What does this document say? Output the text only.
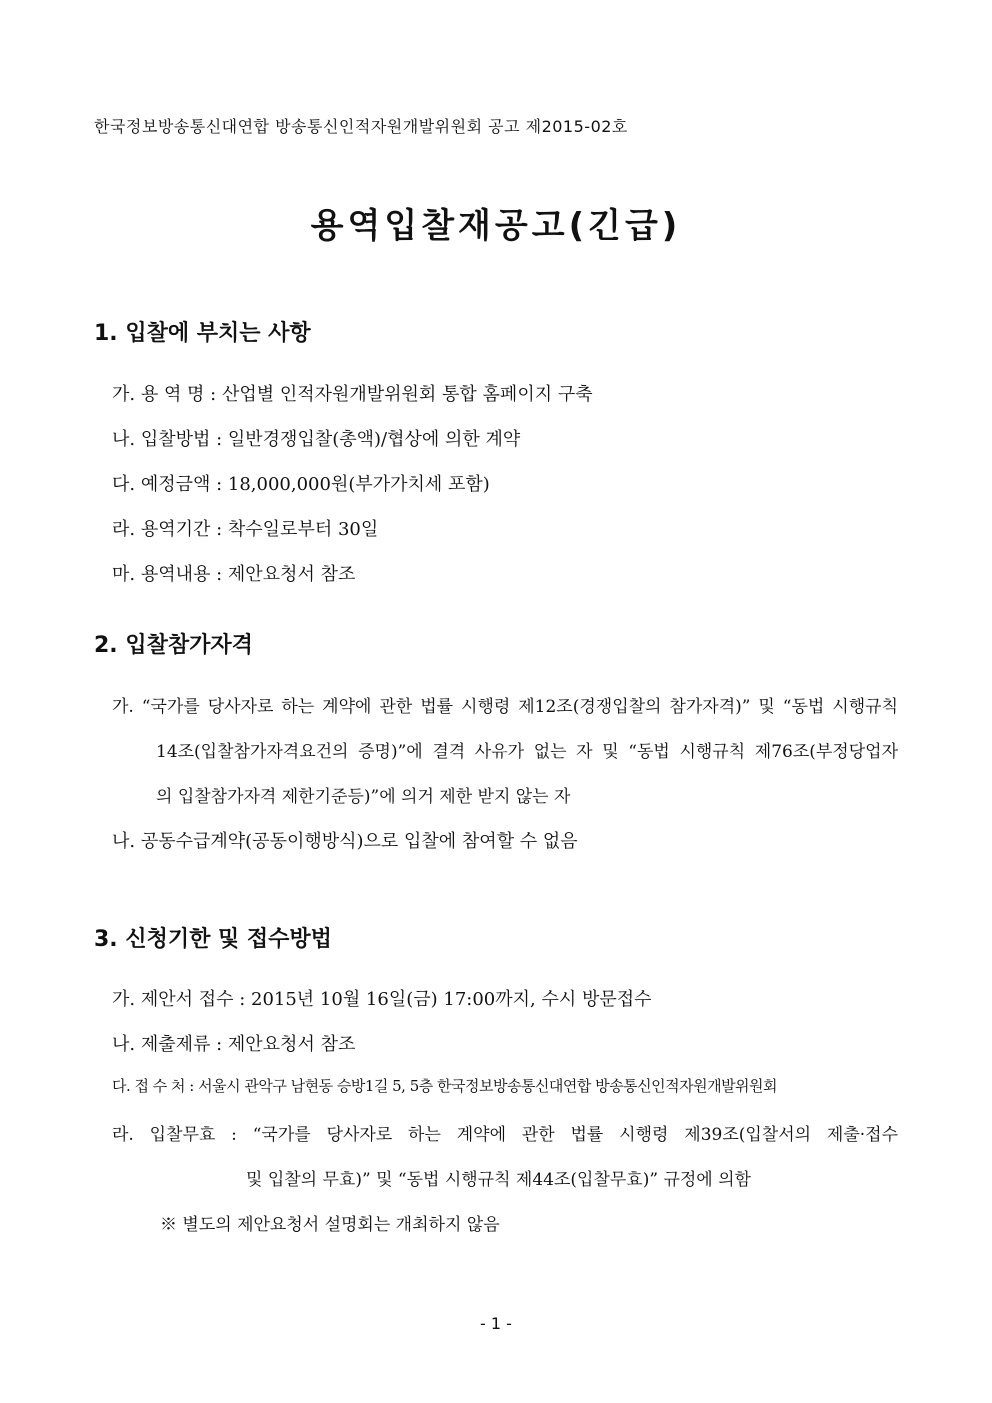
한국정보방송통신대연합 방송통신인적자원개발위원회 공고 제2015-02호
용역입찰재공고(긴급)
1. 입찰에 부치는 사항
가. 용 역 명 : 산업별 인적자원개발위원회 통합 홈페이지 구축
나. 입찰방법 : 일반경쟁입찰(총액)/협상에 의한 계약
다. 예정금액 : 18,000,000원(부가가치세 포함)
라. 용역기간 : 착수일로부터 30일
마. 용역내용 : 제안요청서 참조
2. 입찰참가자격
가. “국가를 당사자로 하는 계약에 관한 법률 시행령 제12조(경쟁입찰의 참가자격)” 및 “동법 시행규칙
14조(입찰참가자격요건의 증명)”에 결격 사유가 없는 자 및 “동법 시행규칙 제76조(부정당업자
의 입찰참가자격 제한기준등)”에 의거 제한 받지 않는 자
나. 공동수급계약(공동이행방식)으로 입찰에 참여할 수 없음
3. 신청기한 및 접수방법
가. 제안서 접수 : 2015년 10월 16일(금) 17:00까지, 수시 방문접수
나. 제출제류 : 제안요청서 참조
다. 접 수 처 : 서울시 관악구 남현동 승방1길 5, 5층 한국정보방송통신대연합 방송통신인적자원개발위원회
라. 입찰무효 : “국가를 당사자로 하는 계약에 관한 법률 시행령 제39조(입찰서의 제출·접수
및 입찰의 무효)” 및 “동법 시행규칙 제44조(입찰무효)” 규정에 의함
※ 별도의 제안요청서 설명회는 개최하지 않음
- 1 -
